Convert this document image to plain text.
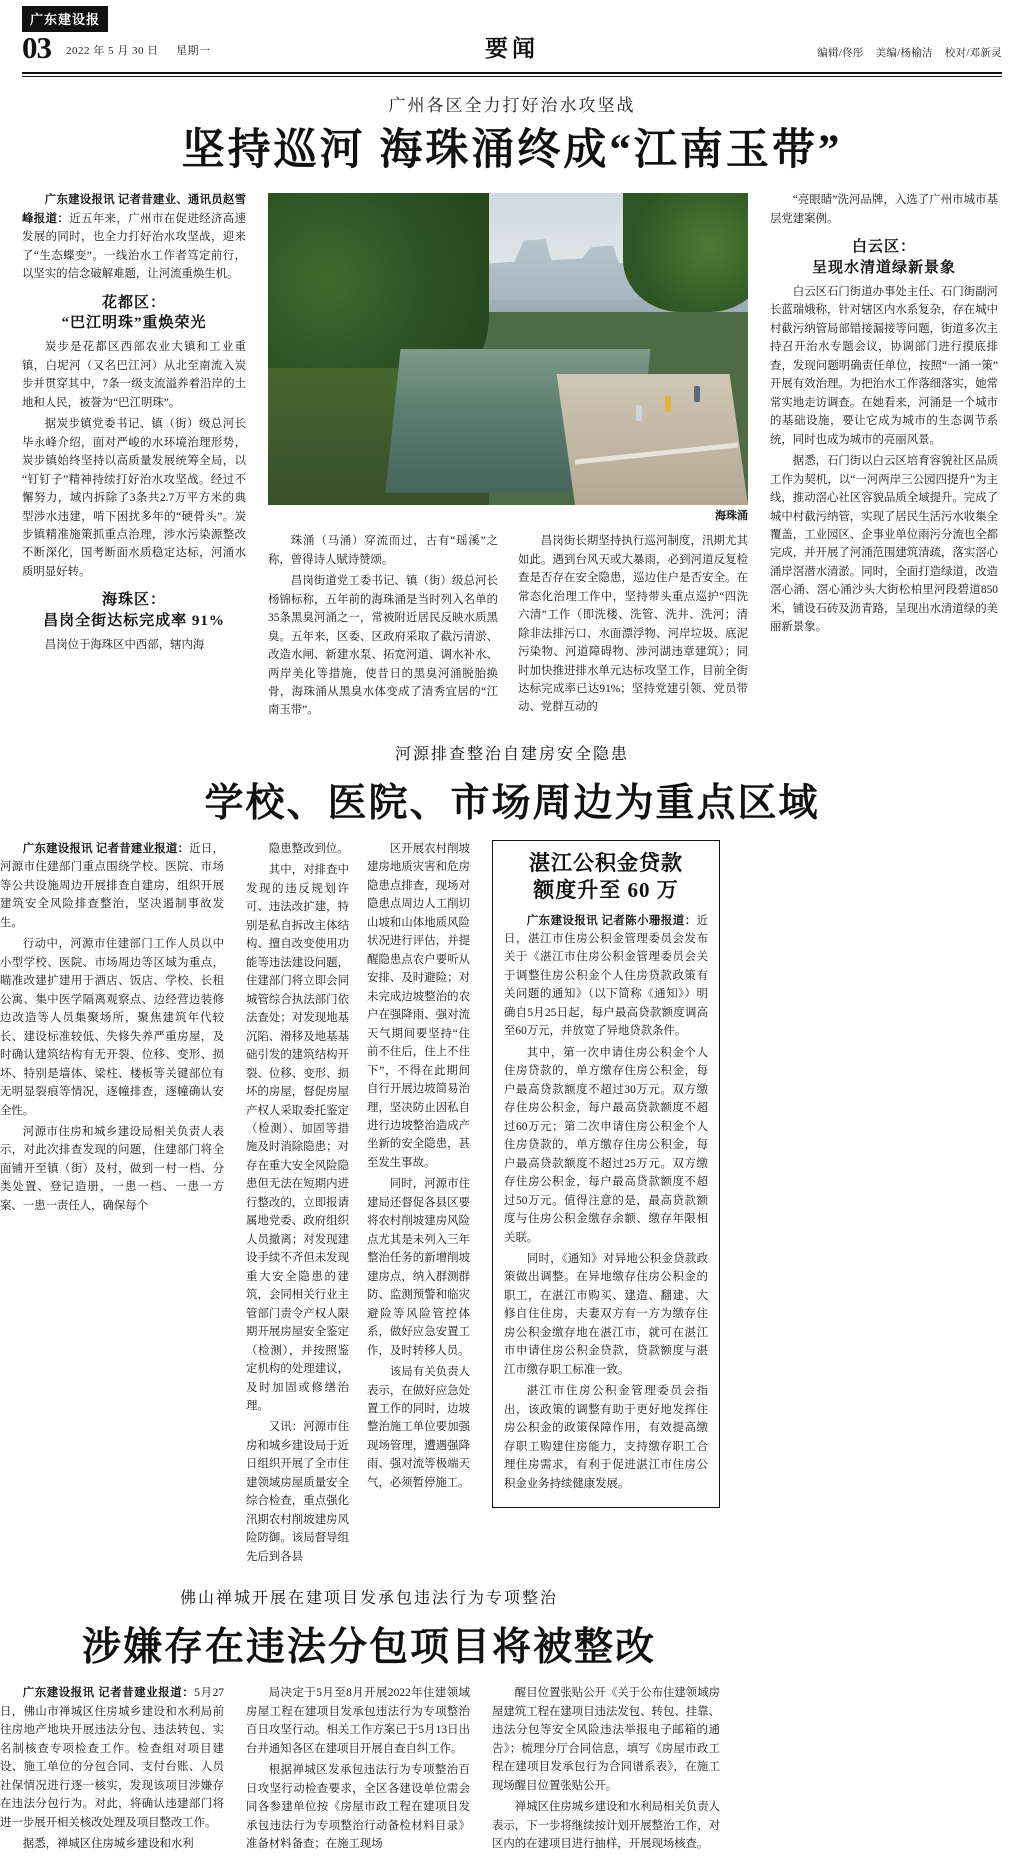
广东建设报
03 2022 年 5 月 30 日 星期一	要闻	编辑/佟彤 美编/杨榆洁 校对/邓新灵
广州各区全力打好治水攻坚战
坚持巡河 海珠涌终成“江南玉带”

广东建设报讯 记者昔建业、通讯员赵雪峰报道：近五年来，广州市在促进经济高速发展的同时，也全力打好治水攻坚战，迎来了“生态蝶变”。一线治水工作者笃定前行，以坚实的信念破解难题，让河流重焕生机。

花都区：
“巴江明珠”重焕荣光

炭步是花都区西部农业大镇和工业重镇，白坭河（又名巴江河）从北至南流入炭步并贯穿其中，7条一级支流溢养着沿岸的土地和人民，被誉为“巴江明珠”。

据炭步镇党委书记、镇（街）级总河长毕永峰介绍，面对严峻的水环境治理形势，炭步镇始终坚持以高质量发展统筹全局，以“钉钉子”精神持续打好治水攻坚战。经过不懈努力，域内拆除了3条共2.7万平方米的典型涉水违建，啃下困扰多年的“硬骨头”。炭步镇精准施策抓重点治理，涉水污染源整改不断深化，国考断面水质稳定达标，河涌水质明显好转。

海珠区：
昌岗全街达标完成率 91%

昌岗位于海珠区中西部，辖内海

海珠涌

珠涌（马涌）穿流而过，古有“瑶溪”之称，曾得诗人赋诗赞颂。

昌岗街道党工委书记、镇（街）级总河长杨锦标称，五年前的海珠涌是当时列入名单的35条黑臭河涌之一，常被附近居民反映水质黑臭。五年来，区委、区政府采取了截污清淤、改造水闸、新建水泵、拓宽河道、调水补水、两岸美化等措施，使昔日的黑臭河涌脱胎换骨，海珠涌从黑臭水体变成了清秀宜居的“江南玉带”。

昌岗街长期坚持执行巡河制度，汛期尤其如此。遇到台风天或大暴雨，必到河道反复检查是否存在安全隐患，巡边住户是否安全。在常态化治理工作中，坚持带头重点巡护“四洗六清”工作（即洗楼、洗管、洗井、洗河；清除非法排污口、水面漂浮物、河岸垃圾、底泥污染物、河道障碍物、涉河湖违章建筑）；同时加快推进排水单元达标攻坚工作，目前全街达标完成率已达91%；坚持党建引领、党员带动、党群互动的

“亮眼睛”洗河品牌，入选了广州市城市基层党建案例。

白云区：
呈现水清道绿新景象

白云区石门街道办事处主任、石门街副河长蓝瑞娥称，针对辖区内水系复杂，存在城中村截污纳管局部错接漏接等问题，街道多次主持召开治水专题会议，协调部门进行摸底排查，发现问题明确责任单位，按照“一涌一策”开展有效治理。为把治水工作落细落实，她常常实地走访调查。在她看来，河涌是一个城市的基础设施，要让它成为城市的生态调节系统，同时也成为城市的亮丽风景。

据悉，石门街以白云区培育容貌社区品质工作为契机，以“一河两岸三公园四提升”为主线，推动滘心社区容貌品质全域提升。完成了城中村截污纳管，实现了居民生活污水收集全覆盖，工业园区、企事业单位雨污分流也全都完成，并开展了河涌范围建筑清疏，落实滘心涌岸滘潜水清淤。同时，全面打造绿道，改造滘心涌、滘心涌沙头大街松柏里河段碧道850米，铺设石砖及沥青路，呈现出水清道绿的美丽新景象。

河源排查整治自建房安全隐患
学校、医院、市场周边为重点区域

广东建设报讯 记者昔建业报道：近日，河源市住建部门重点围绕学校、医院、市场等公共设施周边开展排查自建房，组织开展建筑安全风险排查整治，坚决遏制事故发生。

行动中，河源市住建部门工作人员以中小型学校、医院、市场周边等区域为重点，瞄准改建扩建用于酒店、饭店、学校、长租公寓、集中医学隔离观察点、边经营边装修边改造等人员集聚场所，聚焦建筑年代较长、建设标准较低、失修失养严重房屋，及时确认建筑结构有无开裂、位移、变形、损坏、特别是墙体、梁柱、楼板等关键部位有无明显裂痕等情况，逐幢排查，逐幢确认安全性。

河源市住房和城乡建设局相关负责人表示，对此次排查发现的问题，住建部门将全面铺开至镇（街）及村，做到一村一档、分类处置、登记造册，一患一档、一患一方案、一患一责任人，确保每个

隐患整改到位。

其中，对排查中发现的违反规划许可、违法改扩建，特别是私自拆改主体结构、擅自改变使用功能等违法建设问题，住建部门将立即会同城管综合执法部门依法查处；对发现地基沉陷、滑移及地基基础引发的建筑结构开裂、位移、变形、损坏的房屋，督促房屋产权人采取委托鉴定（检测）、加固等措施及时消除隐患；对存在重大安全风险隐患但无法在短期内进行整改的，立即报请属地党委、政府组织人员撤离；对发现建设手续不齐但未发现重大安全隐患的建筑，会同相关行业主管部门责令产权人限期开展房屋安全鉴定（检测），并按照鉴定机构的处理建议，及时加固或修缮治理。

又讯：河源市住房和城乡建设局于近日组织开展了全市住建领域房屋质量安全综合检查，重点强化汛期农村削坡建房风险防御。该局督导组先后到各县

区开展农村削坡建房地质灾害和危房隐患点排查，现场对隐患点周边人工削切山坡和山体地质风险状况进行评估，并提醒隐患点农户要听从安排、及时避险；对未完成边坡整治的农户在强降雨、强对流天气期间要坚持“住前不住后，住上不住下”，不得在此期间自行开展边坡简易治理，坚决防止因私自进行边坡整治造成产坐新的安全隐患，甚至发生事故。

同时，河源市住建局还督促各县区要将农村削坡建房风险点尤其是未列入三年整治任务的新增削坡建房点，纳入群测群防、监测预警和临灾避险等风险管控体系，做好应急安置工作，及时转移人员。

该局有关负责人表示，在做好应急处置工作的同时，边坡整治施工单位要加强现场管理，遭遇强降雨、强对流等极端天气，必须暂停施工。

湛江公积金贷款
额度升至 60 万

广东建设报讯 记者陈小珊报道：近日，湛江市住房公积金管理委员会发布关于《湛江市住房公积金管理委员会关于调整住房公积金个人住房贷款政策有关问题的通知》（以下简称《通知》）明确自5月25日起，每户最高贷款额度调高至60万元，并放宽了异地贷款条件。

其中，第一次申请住房公积金个人住房贷款的，单方缴存住房公积金，每户最高贷款额度不超过30万元。双方缴存住房公积金，每户最高贷款额度不超过60万元；第二次申请住房公积金个人住房贷款的，单方缴存住房公积金，每户最高贷款额度不超过25万元。双方缴存住房公积金，每户最高贷款额度不超过50万元。值得注意的是，最高贷款额度与住房公积金缴存余额、缴存年限相关联。

同时，《通知》对异地公积金贷款政策做出调整。在异地缴存住房公积金的职工，在湛江市购买、建造、翻建、大修自住住房，夫妻双方有一方为缴存住房公积金缴存地在湛江市，就可在湛江市申请住房公积金贷款，贷款额度与湛江市缴存职工标准一致。

湛江市住房公积金管理委员会指出，该政策的调整有助于更好地发挥住房公积金的政策保障作用，有效提高缴存职工购建住房能力，支持缴存职工合理住房需求，有利于促进湛江市住房公积金业务持续健康发展。

佛山禅城开展在建项目发承包违法行为专项整治
涉嫌存在违法分包项目将被整改

广东建设报讯 记者昔建业报道：5月27日，佛山市禅城区住房城乡建设和水利局前往房地产地块开展违法分包、违法转包、实名制核查专项检查工作。检查组对项目建设、施工单位的分包合同、支付台账、人员社保情况进行逐一核实，发现该项目涉嫌存在违法分包行为。对此，将确认违建部门将进一步展开相关核改处理及项目整改工作。

据悉，禅城区住房城乡建设和水利

局决定于5月至8月开展2022年住建领域房屋工程在建项目发承包违法行为专项整治百日攻坚行动。相关工作方案已于5月13日出台并通知各区在建项目开展自查自纠工作。

根据禅城区发承包违法行为专项整治百日攻坚行动检查要求，全区各建设单位需会同各参建单位按《房屋市政工程在建项目发承包违法行为专项整治行动备检材料目录》准备材料备查；在施工现场

醒目位置张贴公开《关于公布住建领域房屋建筑工程在建项目违法发包、转包、挂靠、违法分包等安全风险违法举报电子邮箱的通告》；梳理分厅合同信息，填写《房屋市政工程在建项目发承包行为合同谱系表》，在施工现场醒目位置张贴公开。

禅城区住房城乡建设和水利局相关负责人表示，下一步将继续按计划开展整治工作，对区内的在建项目进行抽样，开展现场核查。
